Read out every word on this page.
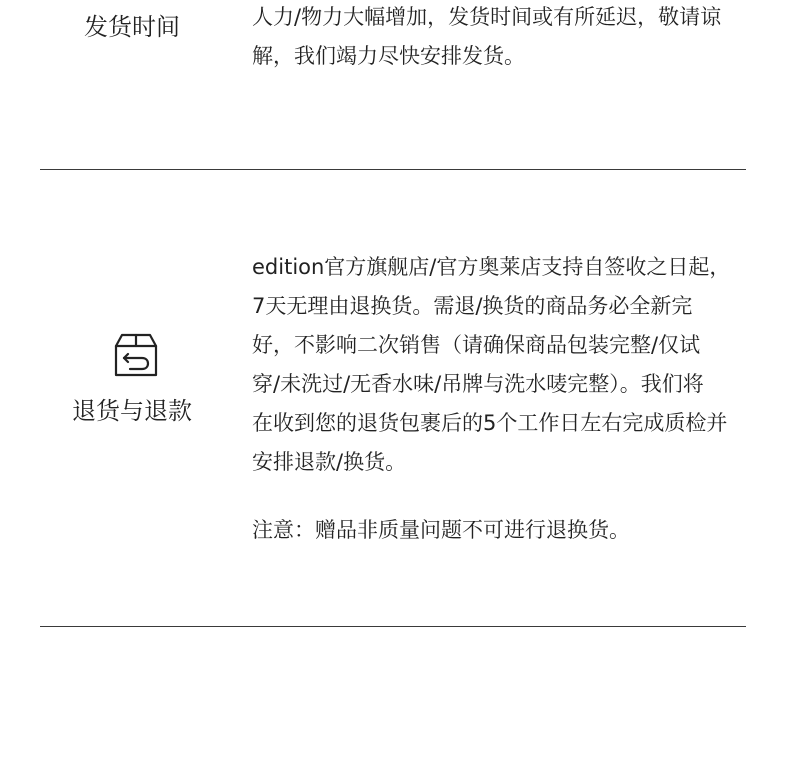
发货时间	人力/物力大幅增加，发货时间或有所延迟，敬请谅
解，我们竭力尽快安排发货。
退货与退款
edition官方旗舰店/官方奥莱店支持自签收之日起，
7天无理由退换货。需退/换货的商品务必全新完
好，不影响二次销售（请确保商品包装完整/仅试
穿/未洗过/无香水味/吊牌与洗水唛完整）。我们将
在收到您的退货包裹后的5个工作日左右完成质检并
安排退款/换货。
注意：赠品非质量问题不可进行退换货。
